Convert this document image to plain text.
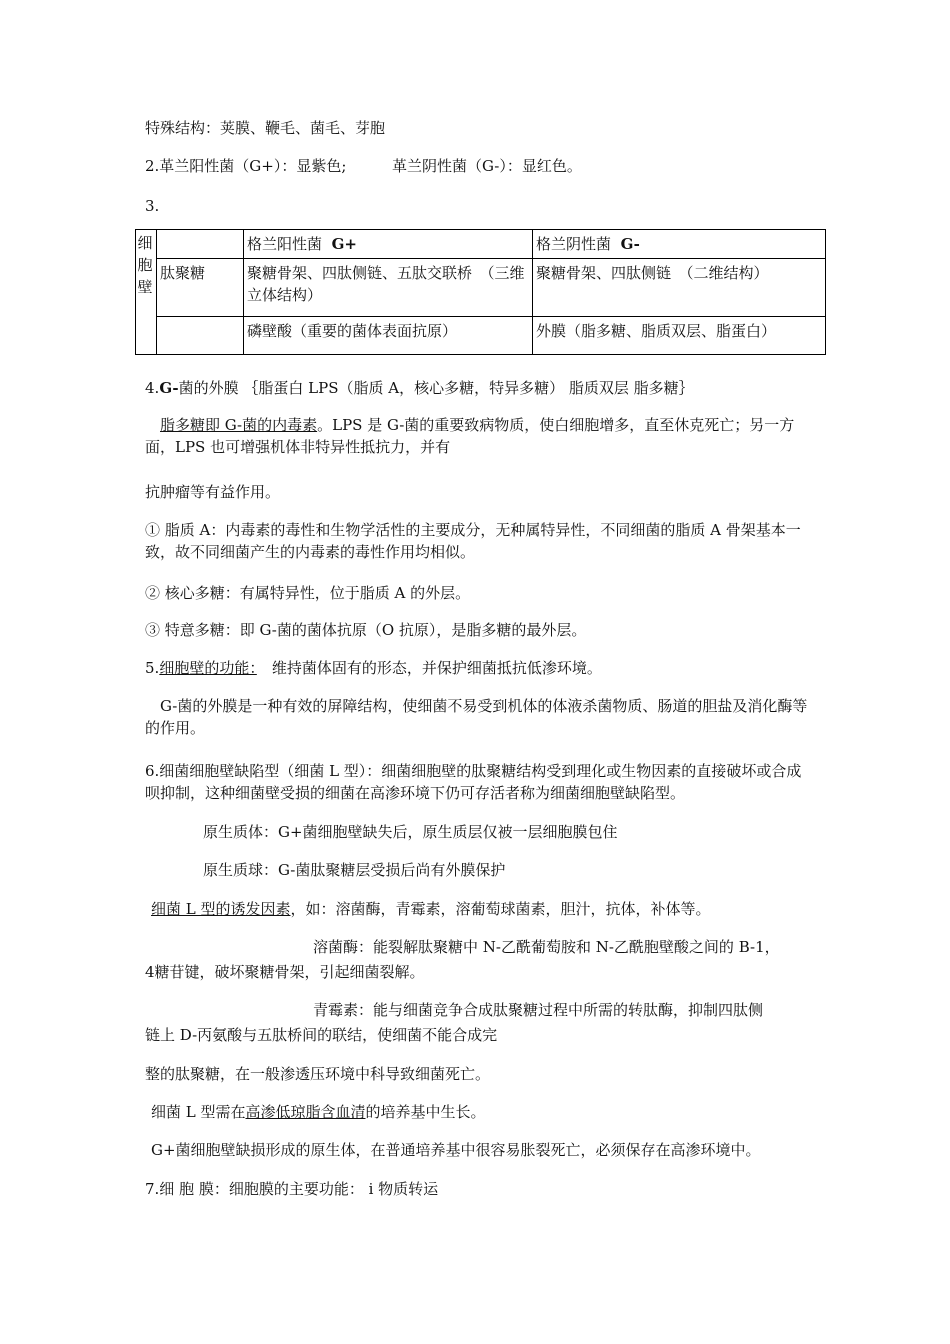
特殊结构：荚膜、鞭毛、菌毛、芽胞
2.革兰阳性菌（G+）：显紫色;	革兰阴性菌（G-）：显红色。
3.
细胞壁		格兰阳性菌 G+	格兰阴性菌 G-
	肽聚糖	聚糖骨架、四肽侧链、五肽交联桥　（三维立体结构）	聚糖骨架、四肽侧链　（二维结构）
		磷壁酸（重要的菌体表面抗原）	外膜（脂多糖、脂质双层、脂蛋白）
4.G-菌的外膜 ｛脂蛋白 LPS（脂质 A，核心多糖，特异多糖） 脂质双层 脂多糖｝
脂多糖即 G-菌的内毒素。LPS 是 G-菌的重要致病物质，使白细胞增多，直至休克死亡；另一方面，LPS 也可增强机体非特异性抵抗力，并有
抗肿瘤等有益作用。
① 脂质 A：内毒素的毒性和生物学活性的主要成分，无种属特异性，不同细菌的脂质 A 骨架基本一致，故不同细菌产生的内毒素的毒性作用均相似。
② 核心多糖：有属特异性，位于脂质 A 的外层。
③ 特意多糖：即 G-菌的菌体抗原（O 抗原），是脂多糖的最外层。
5.细胞壁的功能：　维持菌体固有的形态，并保护细菌抵抗低渗环境。
G-菌的外膜是一种有效的屏障结构，使细菌不易受到机体的体液杀菌物质、肠道的胆盐及消化酶等的作用。
6.细菌细胞壁缺陷型（细菌 L 型）：细菌细胞壁的肽聚糖结构受到理化或生物因素的直接破坏或合成呗抑制，这种细菌壁受损的细菌在高渗环境下仍可存活者称为细菌细胞壁缺陷型。
原生质体：G+菌细胞壁缺失后，原生质层仅被一层细胞膜包住
原生质球：G-菌肽聚糖层受损后尚有外膜保护
细菌 L 型的诱发因素，如：溶菌酶，青霉素，溶葡萄球菌素，胆汁，抗体，补体等。
溶菌酶：能裂解肽聚糖中 N-乙酰葡萄胺和 N-乙酰胞壁酸之间的 B-1，
4糖苷键，破坏聚糖骨架，引起细菌裂解。
青霉素：能与细菌竞争合成肽聚糖过程中所需的转肽酶，抑制四肽侧
链上 D-丙氨酸与五肽桥间的联结，使细菌不能合成完
整的肽聚糖，在一般渗透压环境中科导致细菌死亡。
细菌 L 型需在高渗低琼脂含血清的培养基中生长。
G+菌细胞壁缺损形成的原生体，在普通培养基中很容易胀裂死亡，必须保存在高渗环境中。
7.细 胞 膜：细胞膜的主要功能： i 物质转运
